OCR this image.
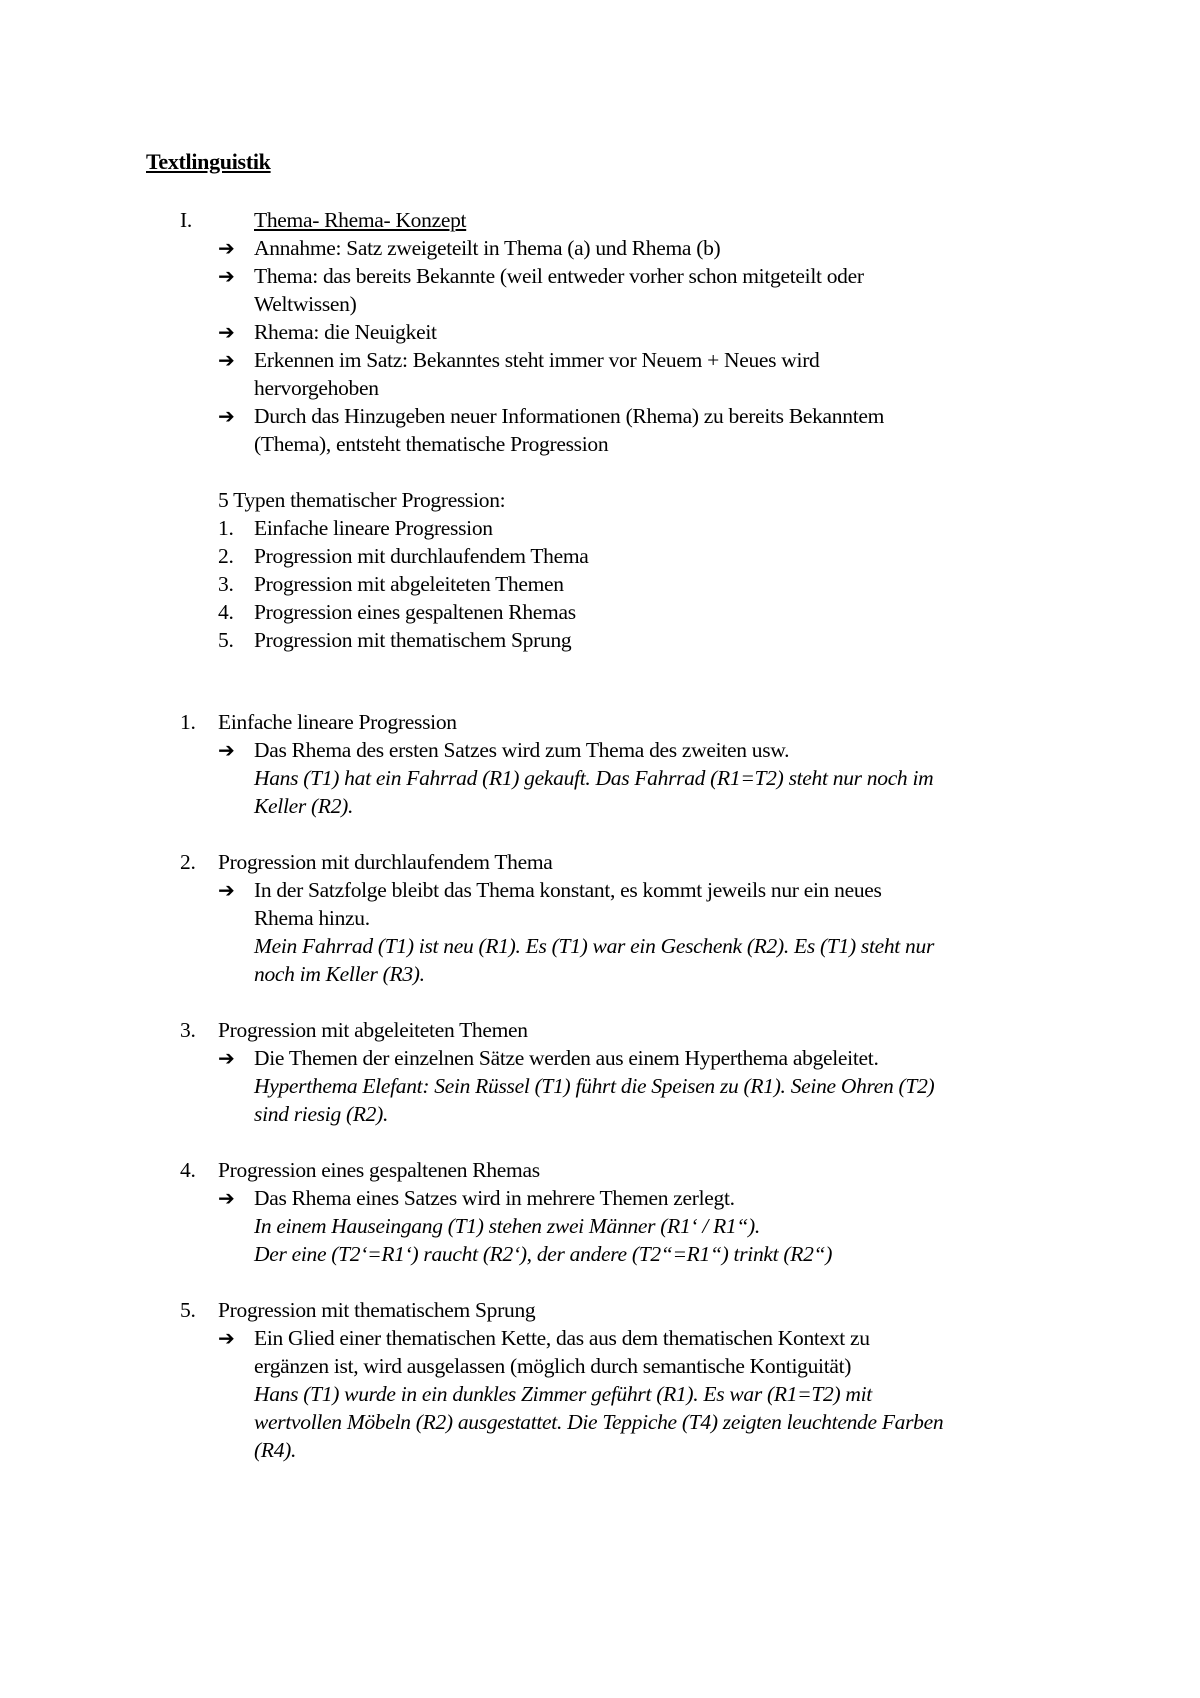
Textlinguistik
I.	Thema- Rhema- Konzept
➔ Annahme: Satz zweigeteilt in Thema (a) und Rhema (b)
➔ Thema: das bereits Bekannte (weil entweder vorher schon mitgeteilt oder
Weltwissen)
➔ Rhema: die Neuigkeit
➔ Erkennen im Satz: Bekanntes steht immer vor Neuem + Neues wird
hervorgehoben
➔ Durch das Hinzugeben neuer Informationen (Rhema) zu bereits Bekanntem
(Thema), entsteht thematische Progression
5 Typen thematischer Progression:
1. Einfache lineare Progression
2. Progression mit durchlaufendem Thema
3. Progression mit abgeleiteten Themen
4. Progression eines gespaltenen Rhemas
5. Progression mit thematischem Sprung
1. Einfache lineare Progression
➔ Das Rhema des ersten Satzes wird zum Thema des zweiten usw.
Hans (T1) hat ein Fahrrad (R1) gekauft. Das Fahrrad (R1=T2) steht nur noch im
Keller (R2).
2. Progression mit durchlaufendem Thema
➔ In der Satzfolge bleibt das Thema konstant, es kommt jeweils nur ein neues
Rhema hinzu.
Mein Fahrrad (T1) ist neu (R1). Es (T1) war ein Geschenk (R2). Es (T1) steht nur
noch im Keller (R3).
3. Progression mit abgeleiteten Themen
➔ Die Themen der einzelnen Sätze werden aus einem Hyperthema abgeleitet.
Hyperthema Elefant: Sein Rüssel (T1) führt die Speisen zu (R1). Seine Ohren (T2)
sind riesig (R2).
4. Progression eines gespaltenen Rhemas
➔ Das Rhema eines Satzes wird in mehrere Themen zerlegt.
In einem Hauseingang (T1) stehen zwei Männer (R1‘ / R1“).
Der eine (T2‘=R1‘) raucht (R2‘), der andere (T2“=R1“) trinkt (R2“)
5. Progression mit thematischem Sprung
➔ Ein Glied einer thematischen Kette, das aus dem thematischen Kontext zu
ergänzen ist, wird ausgelassen (möglich durch semantische Kontiguität)
Hans (T1) wurde in ein dunkles Zimmer geführt (R1). Es war (R1=T2) mit
wertvollen Möbeln (R2) ausgestattet. Die Teppiche (T4) zeigten leuchtende Farben
(R4).
